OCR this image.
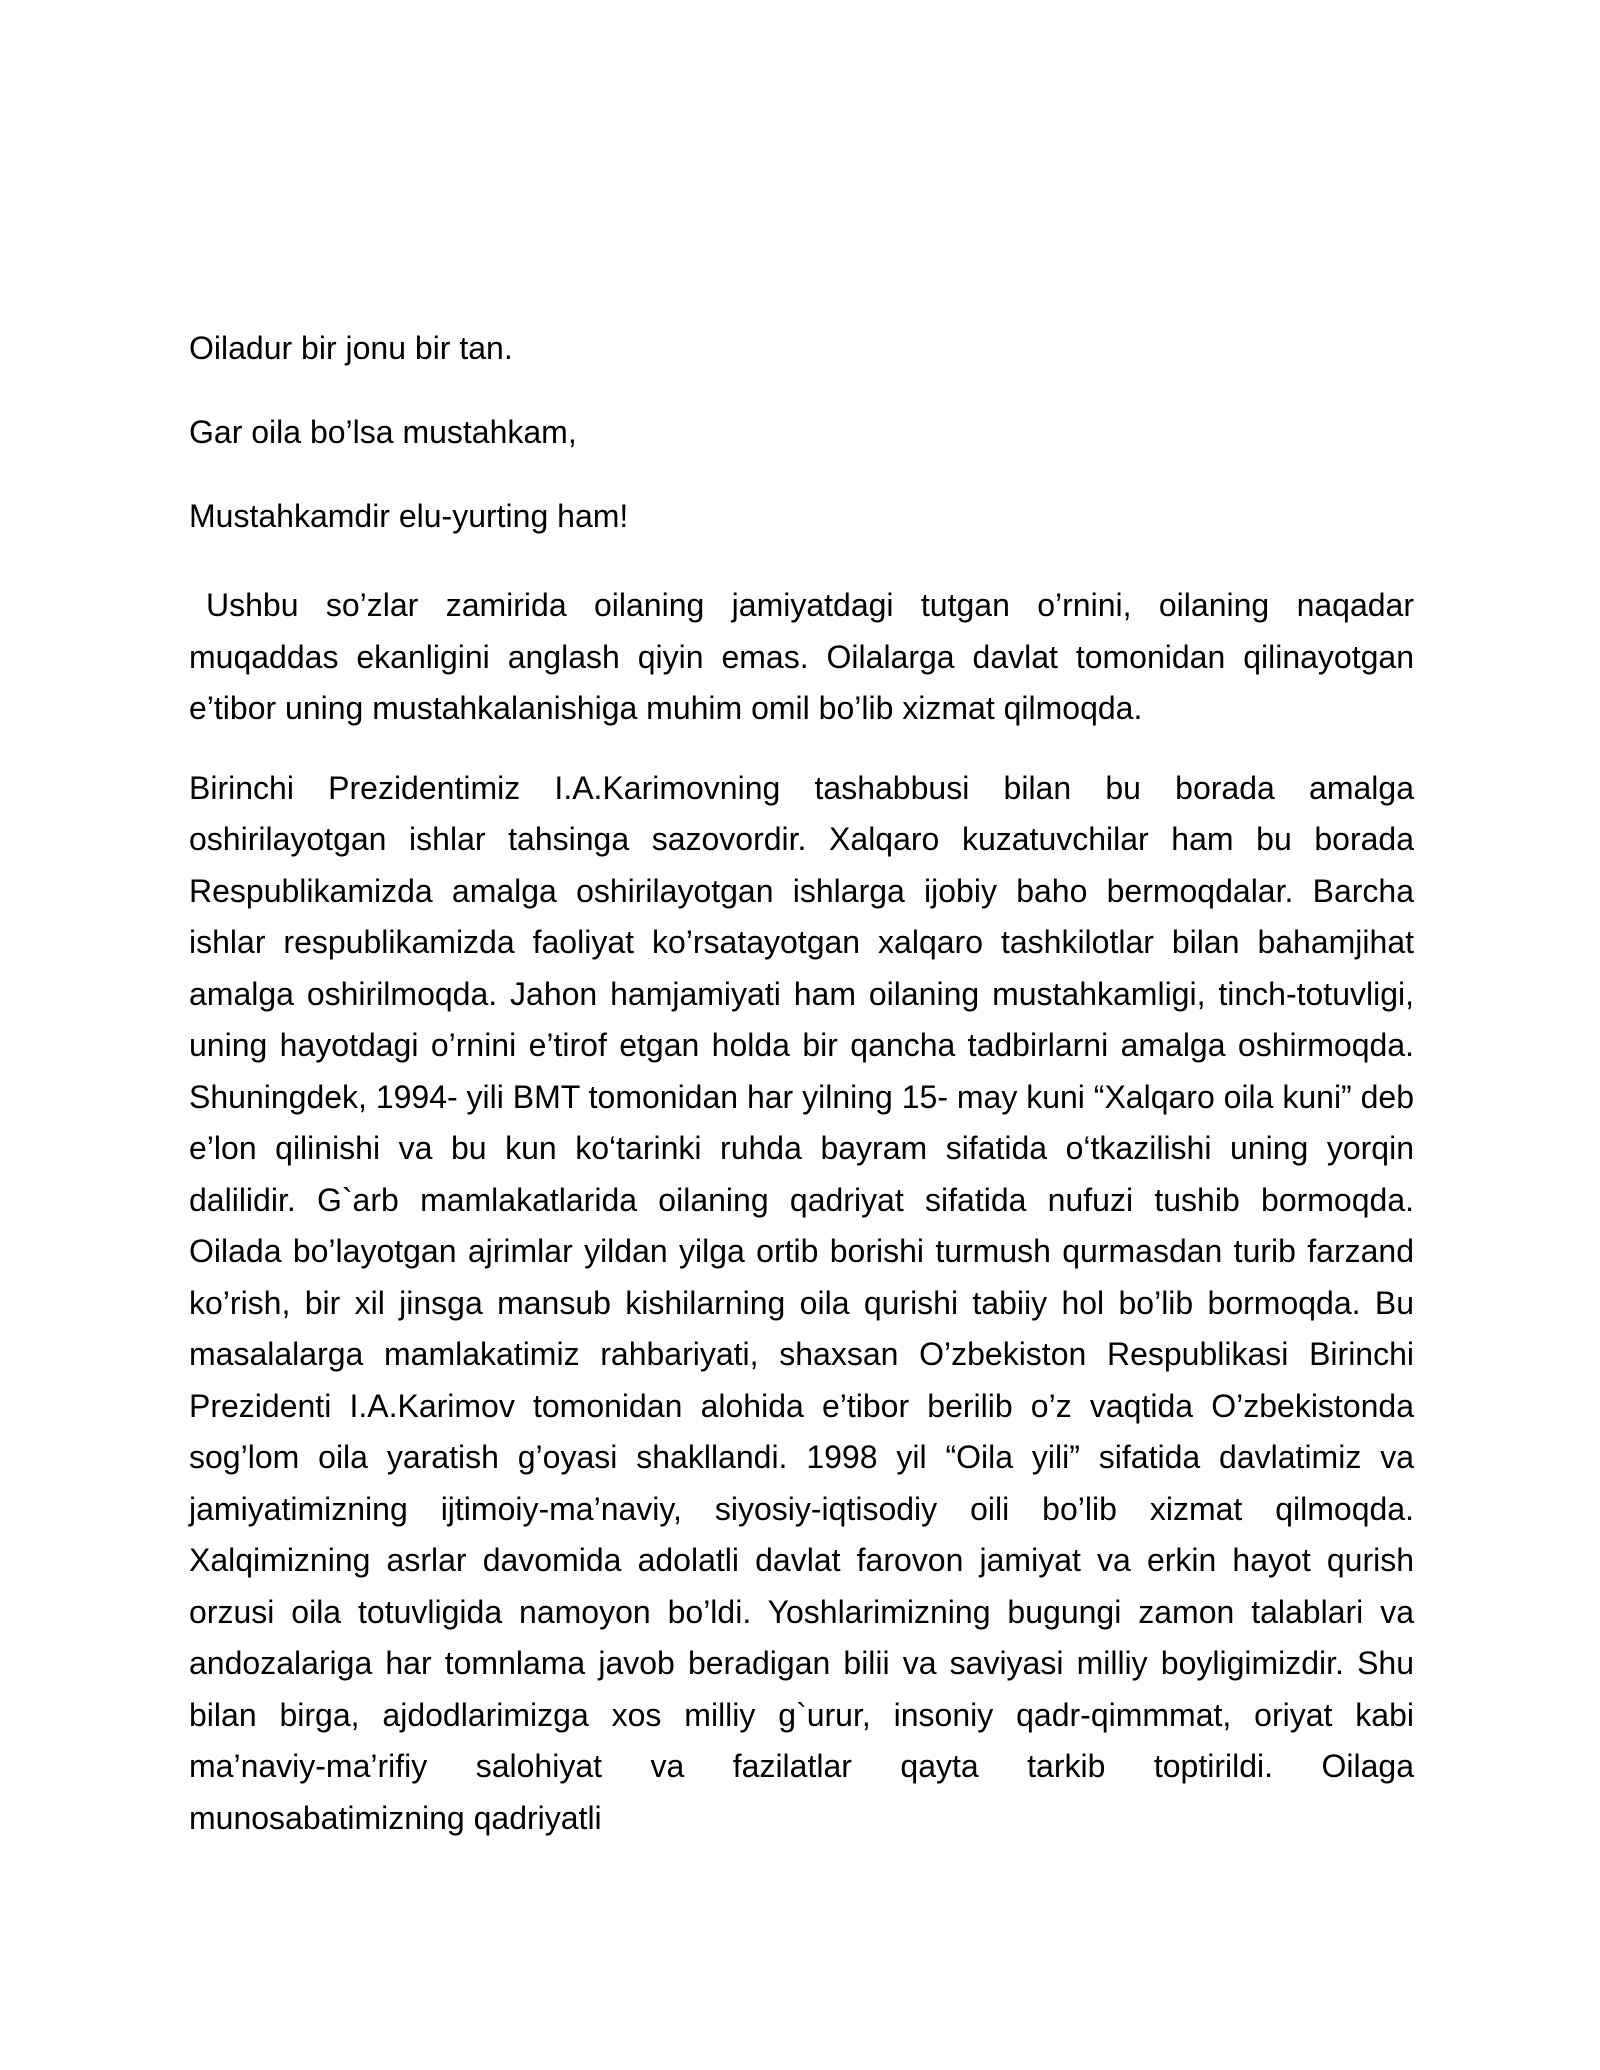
Oiladur bir jonu bir tan.

Gar oila bo’lsa mustahkam,

Mustahkamdir elu-yurting ham!

Ushbu so’zlar zamirida oilaning jamiyatdagi tutgan o’rnini, oilaning naqadar muqaddas ekanligini anglash qiyin emas. Oilalarga davlat tomonidan qilinayotgan e’tibor uning mustahkalanishiga muhim omil bo’lib xizmat qilmoqda.

Birinchi Prezidentimiz I.A.Karimovning tashabbusi bilan bu borada amalga oshirilayotgan ishlar tahsinga sazovordir. Xalqaro kuzatuvchilar ham bu borada Respublikamizda amalga oshirilayotgan ishlarga ijobiy baho bermoqdalar. Barcha ishlar respublikamizda faoliyat ko’rsatayotgan xalqaro tashkilotlar bilan bahamjihat amalga oshirilmoqda. Jahon hamjamiyati ham oilaning mustahkamligi, tinch-totuvligi, uning hayotdagi o’rnini e’tirof etgan holda bir qancha tadbirlarni amalga oshirmoqda. Shuningdek, 1994- yili BMT tomonidan har yilning 15- may kuni “Xalqaro oila kuni” deb e’lon qilinishi va bu kun ko‘tarinki ruhda bayram sifatida o‘tkazilishi uning yorqin dalilidir. G`arb mamlakatlarida oilaning qadriyat sifatida nufuzi tushib bormoqda. Oilada bo’layotgan ajrimlar yildan yilga ortib borishi turmush qurmasdan turib farzand ko’rish, bir xil jinsga mansub kishilarning oila qurishi tabiiy hol bo’lib bormoqda. Bu masalalarga mamlakatimiz rahbariyati, shaxsan O’zbekiston Respublikasi Birinchi Prezidenti I.A.Karimov tomonidan alohida e’tibor berilib o’z vaqtida O’zbekistonda sog’lom oila yaratish g’oyasi shakllandi. 1998 yil “Oila yili” sifatida davlatimiz va jamiyatimizning ijtimoiy-ma’naviy, siyosiy-iqtisodiy oili bo’lib xizmat qilmoqda. Xalqimizning asrlar davomida adolatli davlat farovon jamiyat va erkin hayot qurish orzusi oila totuvligida namoyon bo’ldi. Yoshlarimizning bugungi zamon talablari va andozalariga har tomnlama javob beradigan bilii va saviyasi milliy boyligimizdir. Shu bilan birga, ajdodlarimizga xos milliy g`urur, insoniy qadr-qimmmat, oriyat kabi ma’naviy-ma’rifiy salohiyat va fazilatlar qayta tarkib toptirildi. Oilaga munosabatimizning qadriyatli
